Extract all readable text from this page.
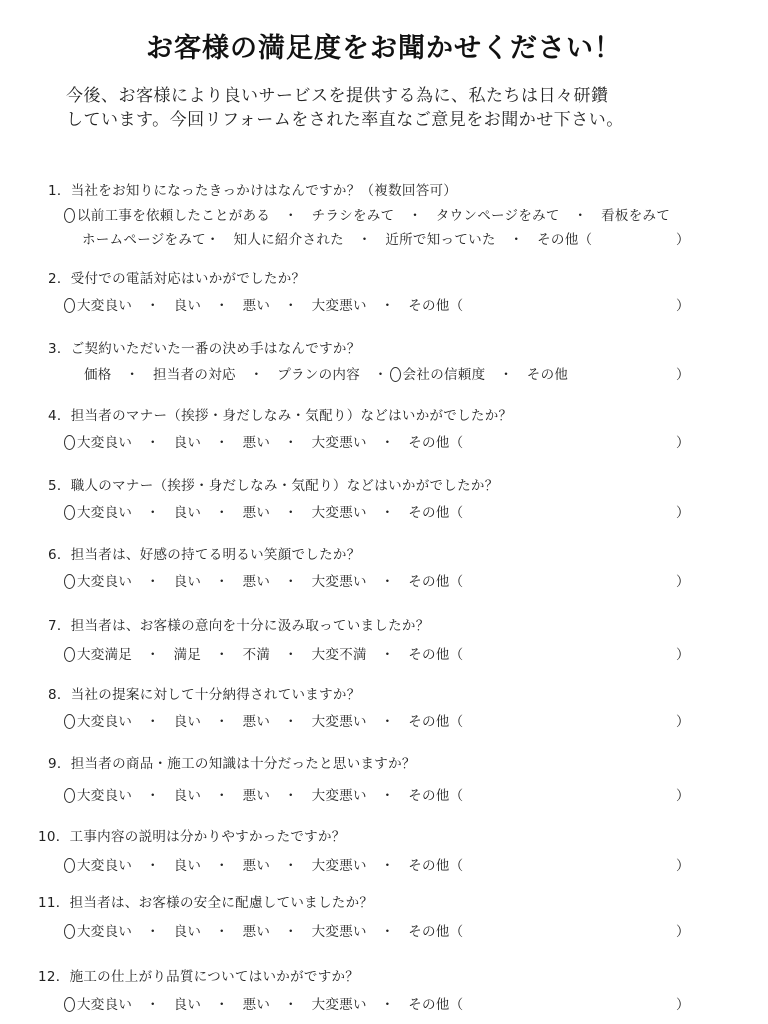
お客様の満足度をお聞かせください！
今後、お客様により良いサービスを提供する為に、私たちは日々研鑽
しています。今回リフォームをされた率直なご意見をお聞かせ下さい。
1．当社をお知りになったきっかけはなんですか？（複数回答可）
以前工事を依頼したことがある　・　チラシをみて　・　タウンページをみて　・　看板をみて
ホームページをみて・　知人に紹介された　・　近所で知っていた　・　その他（	）
2．受付での電話対応はいかがでしたか？
大変良い　・　良い　・　悪い　・　大変悪い　・　その他（	）
3．ご契約いただいた一番の決め手はなんですか？
価格　・　担当者の対応　・　プランの内容　・ ○ 会社の信頼度　・　その他	）
4．担当者のマナー（挨拶・身だしなみ・気配り）などはいかがでしたか？
大変良い　・　良い　・　悪い　・　大変悪い　・　その他（	）
5．職人のマナー（挨拶・身だしなみ・気配り）などはいかがでしたか？
大変良い　・　良い　・　悪い　・　大変悪い　・　その他（	）
6．担当者は、好感の持てる明るい笑顔でしたか？
大変良い　・　良い　・　悪い　・　大変悪い　・　その他（	）
7．担当者は、お客様の意向を十分に汲み取っていましたか？
大変満足　・　満足　・　不満　・　大変不満　・　その他（	）
8．当社の提案に対して十分納得されていますか？
大変良い　・　良い　・　悪い　・　大変悪い　・　その他（	）
9．担当者の商品・施工の知識は十分だったと思いますか？
大変良い　・　良い　・　悪い　・　大変悪い　・　その他（	）
10．工事内容の説明は分かりやすかったですか？
大変良い　・　良い　・　悪い　・　大変悪い　・　その他（	）
11．担当者は、お客様の安全に配慮していましたか？
大変良い　・　良い　・　悪い　・　大変悪い　・　その他（	）
12．施工の仕上がり品質についてはいかがですか？
大変良い　・　良い　・　悪い　・　大変悪い　・　その他（	）
